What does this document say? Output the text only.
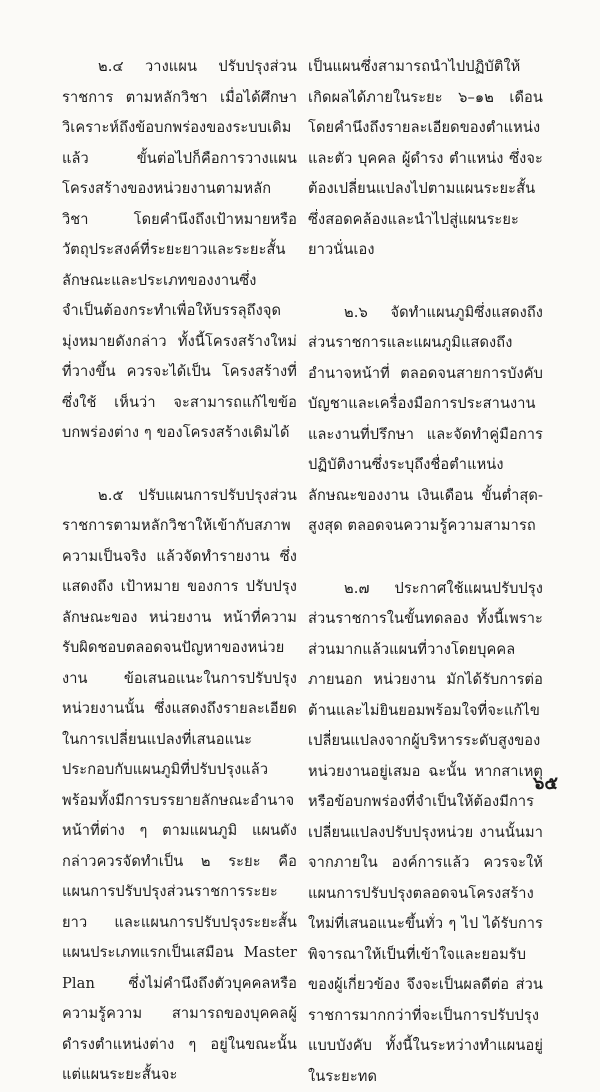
๒.๔ วางแผน ปรับปรุงส่วนราชการ ตามหลักวิชา เมื่อได้ศึกษาวิเคราะห์ถึงข้อบกพร่องของระบบเดิมแล้ว ขั้นต่อไปก็คือการวางแผนโครงสร้างของหน่วยงานตามหลักวิชา โดยคำนึงถึงเป้าหมายหรือวัตถุประสงค์ที่ระยะยาวและระยะสั้น ลักษณะและประเภทของงานซึ่งจำเป็นต้องกระทำเพื่อให้บรรลุถึงจุดมุ่งหมายดังกล่าว ทั้งนี้โครงสร้างใหม่ที่วางขึ้น ควรจะได้เป็น โครงสร้างที่ซึ่งใช้ เห็นว่า จะสามารถแก้ไขข้อบกพร่องต่าง ๆ ของโครงสร้างเดิมได้

๒.๕ ปรับแผนการปรับปรุงส่วนราชการตามหลักวิชาให้เข้ากับสภาพความเป็นจริง แล้วจัดทำรายงาน ซึ่งแสดงถึง เป้าหมาย ของการ ปรับปรุงลักษณะของ หน่วยงาน หน้าที่ความรับผิดชอบตลอดจนปัญหาของหน่วยงาน ข้อเสนอแนะในการปรับปรุงหน่วยงานนั้น ซึ่งแสดงถึงรายละเอียดในการเปลี่ยนแปลงที่เสนอแนะประกอบกับแผนภูมิที่ปรับปรุงแล้วพร้อมทั้งมีการบรรยายลักษณะอำนาจหน้าที่ต่าง ๆ ตามแผนภูมิ แผนดังกล่าวควรจัดทำเป็น ๒ ระยะ คือ แผนการปรับปรุงส่วนราชการระยะยาว และแผนการปรับปรุงระยะสั้น แผนประเภทแรกเป็นเสมือน Master Plan ซึ่งไม่คำนึงถึงตัวบุคคลหรือความรู้ความ สามารถของบุคคลผู้ดำรงตำแหน่งต่าง ๆ อยู่ในขณะนั้น แต่แผนระยะสั้นจะ

เป็นแผนซึ่งสามารถนำไปปฏิบัติให้เกิดผลได้ภายในระยะ ๖–๑๒ เดือนโดยคำนึงถึงรายละเอียดของตำแหน่ง และตัว บุคคล ผู้ดำรง ตำแหน่ง ซึ่งจะ ต้องเปลี่ยนแปลงไปตามแผนระยะสั้นซึ่งสอดคล้องและนำไปสู่แผนระยะยาวนั่นเอง

๒.๖ จัดทำแผนภูมิซึ่งแสดงถึงส่วนราชการและแผนภูมิแสดงถึงอำนาจหน้าที่ ตลอดจนสายการบังคับบัญชาและเครื่องมือการประสานงาน และงานที่ปรึกษา และจัดทำคู่มือการปฏิบัติงานซึ่งระบุถึงชื่อตำแหน่ง ลักษณะของงาน เงินเดือน ขั้นต่ำสุด-สูงสุด ตลอดจนความรู้ความสามารถ

๒.๗ ประกาศใช้แผนปรับปรุงส่วนราชการในขั้นทดลอง ทั้งนี้เพราะส่วนมากแล้วแผนที่วางโดยบุคคล ภายนอก หน่วยงาน มักได้รับการต่อต้านและไม่ยินยอมพร้อมใจที่จะแก้ไขเปลี่ยนแปลงจากผู้บริหารระดับสูงของหน่วยงานอยู่เสมอ ฉะนั้น หากสาเหตุหรือข้อบกพร่องที่จำเป็นให้ต้องมีการเปลี่ยนแปลงปรับปรุงหน่วย งานนั้นมาจากภายใน องค์การแล้ว ควรจะให้แผนการปรับปรุงตลอดจนโครงสร้างใหม่ที่เสนอแนะขึ้นทั่ว ๆ ไป ได้รับการพิจารณาให้เป็นที่เข้าใจและยอมรับของผู้เกี่ยวข้อง จึงจะเป็นผลดีต่อ ส่วนราชการมากกว่าที่จะเป็นการปรับปรุงแบบบังคับ ทั้งนี้ในระหว่างทำแผนอยู่ในระยะทด

๖๕
